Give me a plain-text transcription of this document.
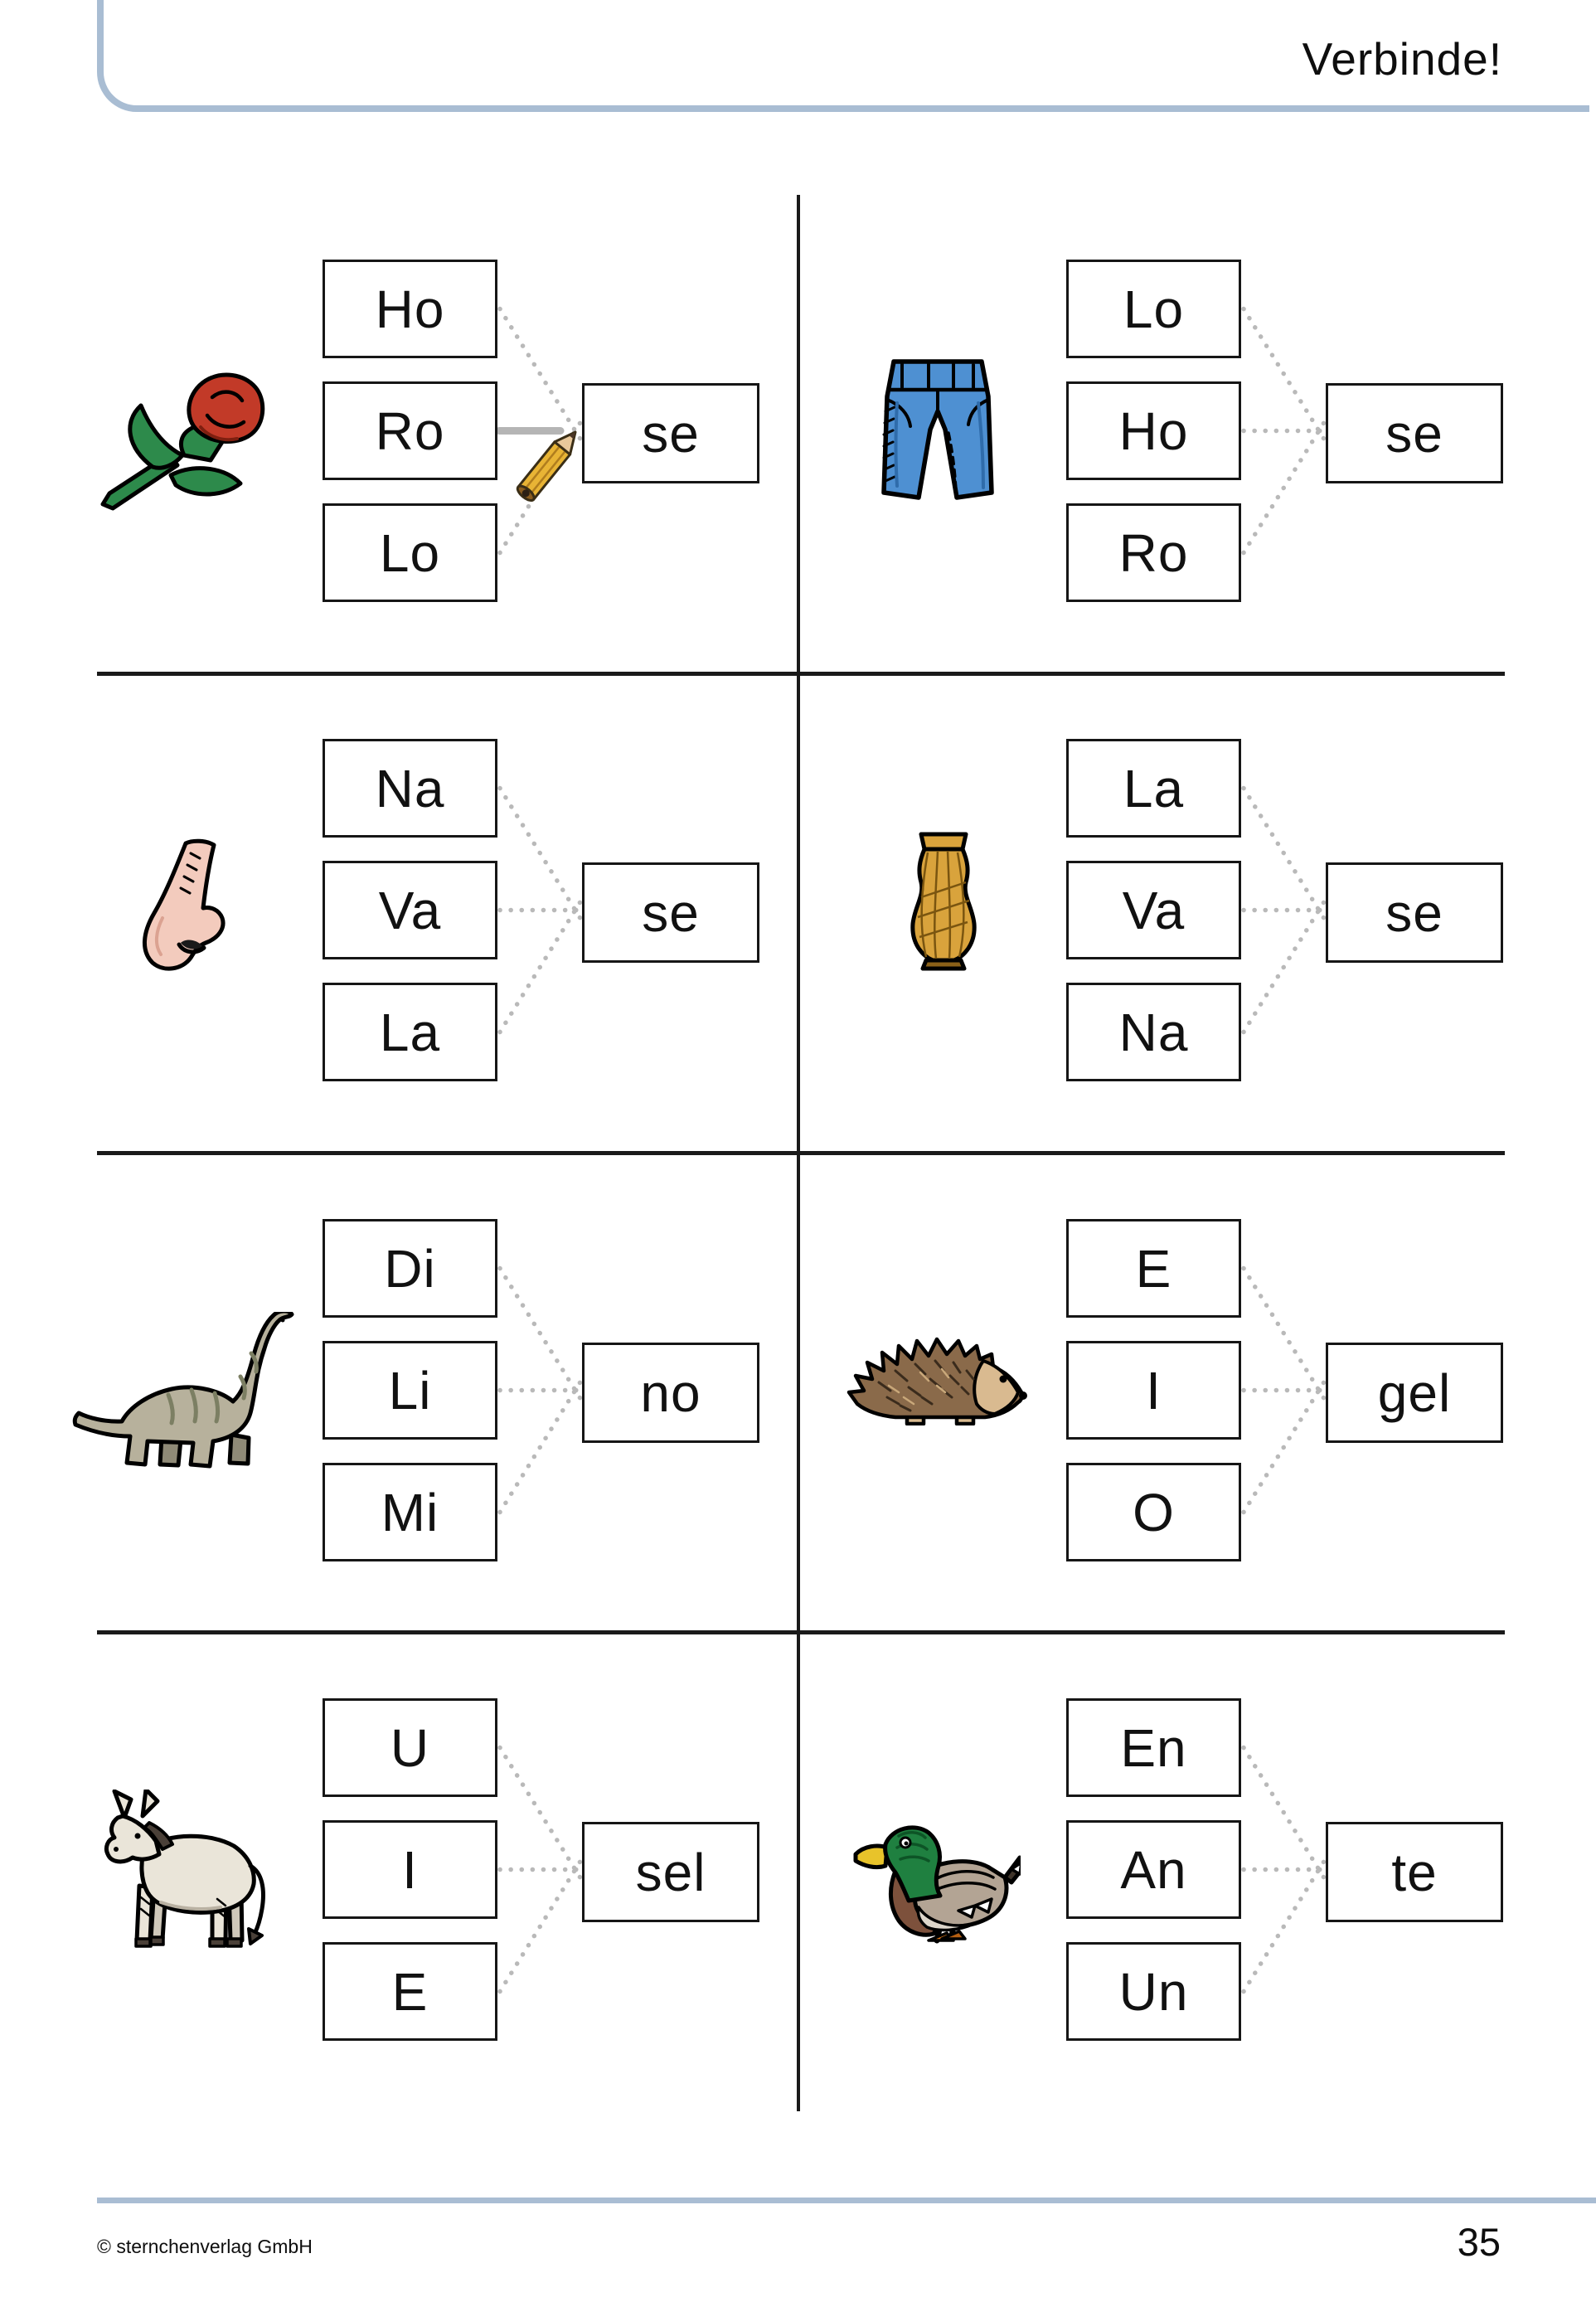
Verbinde!
Ho
Ro
Lo
se
Lo
Ho
Ro
se
Na
Va
La
se
La
Va
Na
se
Di
Li
Mi
no
E
I
O
gel
U
I
E
sel
En
An
Un
te
© sternchenverlag GmbH	35
